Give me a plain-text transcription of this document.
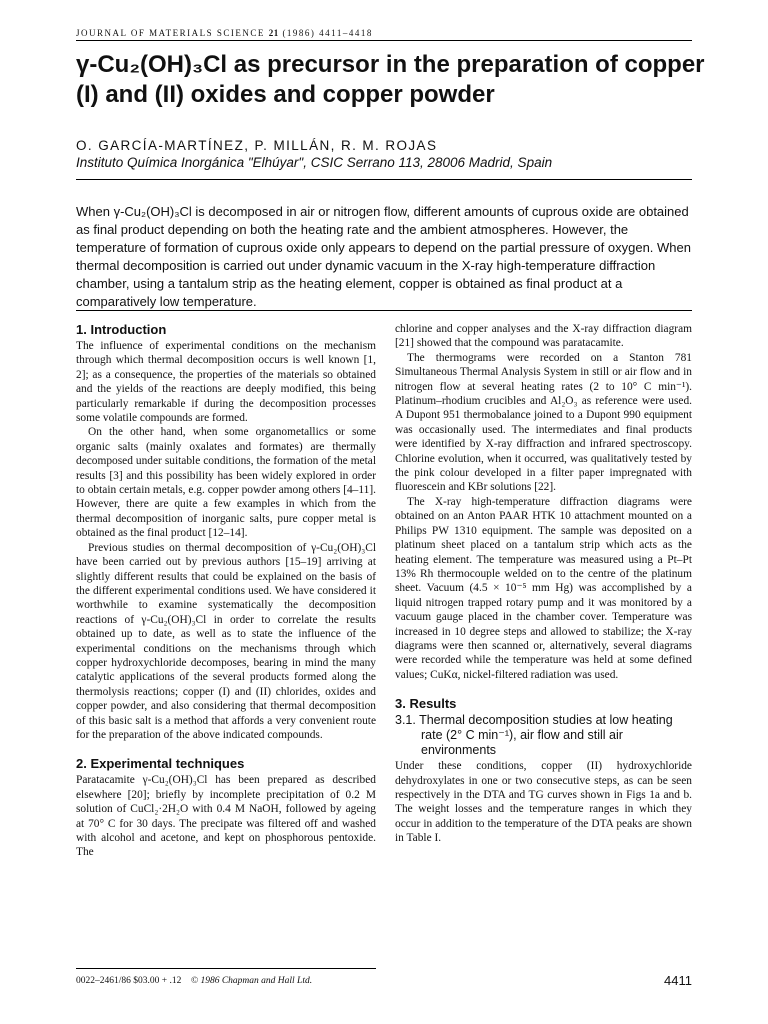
JOURNAL OF MATERIALS SCIENCE 21 (1986) 4411–4418
γ-Cu₂(OH)₃Cl as precursor in the preparation of copper (I) and (II) oxides and copper powder
O. GARCÍA-MARTÍNEZ, P. MILLÁN, R. M. ROJAS
Instituto Química Inorgánica "Elhúyar", CSIC Serrano 113, 28006 Madrid, Spain

When γ-Cu₂(OH)₃Cl is decomposed in air or nitrogen flow, different amounts of cuprous oxide are obtained as final product depending on both the heating rate and the ambient atmospheres. However, the temperature of formation of cuprous oxide only appears to depend on the partial pressure of oxygen. When thermal decomposition is carried out under dynamic vacuum in the X-ray high-temperature diffraction chamber, using a tantalum strip as the heating element, copper is obtained as final product at a comparatively low temperature.

1. Introduction

The influence of experimental conditions on the mechanism through which thermal decomposition occurs is well known [1, 2]; as a consequence, the properties of the materials so obtained and the yields of the reactions are deeply modified, this being particularly remarkable if during the decomposition processes some volatile compounds are formed.

On the other hand, when some organometallics or some organic salts (mainly oxalates and formates) are thermally decomposed under suitable conditions, the formation of the metal results [3] and this possibility has been widely explored in order to obtain certain metals, e.g. copper powder among others [4–11]. However, there are quite a few examples in which from the thermal decomposition of inorganic salts, pure copper metal is obtained as the final product [12–14].

Previous studies on thermal decomposition of γ-Cu₂(OH)₃Cl have been carried out by previous authors [15–19] arriving at slightly different results that could be explained on the basis of the different experimental conditions used. We have considered it worthwhile to examine systematically the decomposition reactions of γ-Cu₂(OH)₃Cl in order to correlate the results obtained up to date, as well as to state the influence of the experimental conditions on the mechanisms through which copper hydroxychloride decomposes, bearing in mind the many catalytic applications of the several products formed along the thermolysis reactions; copper (I) and (II) chlorides, oxides and copper powder, and also considering that thermal decomposition of this basic salt is a method that affords a very convenient route for the preparation of the above indicated compounds.

2. Experimental techniques

Paratacamite γ-Cu₂(OH)₃Cl has been prepared as described elsewhere [20]; briefly by incomplete precipitation of 0.2 M solution of CuCl₂·2H₂O with 0.4 M NaOH, followed by ageing at 70° C for 30 days. The precipate was filtered off and washed with alcohol and acetone, and kept on phosphorous pentoxide. The

chlorine and copper analyses and the X-ray diffraction diagram [21] showed that the compound was paratacamite.

The thermograms were recorded on a Stanton 781 Simultaneous Thermal Analysis System in still or air flow and in nitrogen flow at several heating rates (2 to 10° C min⁻¹). Platinum–rhodium crucibles and Al₂O₃ as reference were used. A Dupont 951 thermobalance joined to a Dupont 990 equipment was occasionally used. The intermediates and final products were identified by X-ray diffraction and infrared spectroscopy. Chlorine evolution, when it occurred, was qualitatively tested by the pink colour developed in a filter paper impregnated with fluorescein and KBr solutions [22].

The X-ray high-temperature diffraction diagrams were obtained on an Anton PAAR HTK 10 attachment mounted on a Philips PW 1310 equipment. The sample was deposited on a platinum sheet placed on a tantalum strip which acts as the heating element. The temperature was measured using a Pt–Pt 13% Rh thermocouple welded on to the centre of the platinum sheet. Vacuum (4.5 × 10⁻⁵ mm Hg) was accomplished by a liquid nitrogen trapped rotary pump and it was monitored by a vacuum gauge placed in the chamber cover. Temperature was increased in 10 degree steps and allowed to stabilize; the X-ray diagrams were then scanned or, alternatively, several diagrams were recorded while the temperature was held at some defined values; CuKα, nickel-filtered radiation was used.

3. Results
3.1. Thermal decomposition studies at low heating rate (2° C min⁻¹), air flow and still air environments

Under these conditions, copper (II) hydroxychloride dehydroxylates in one or two consecutive steps, as can be seen respectively in the DTA and TG curves shown in Figs 1a and b. The weight losses and the temperature ranges in which they occur in addition to the temperature of the DTA peaks are shown in Table I.

0022–2461/86 $03.00 + .12 © 1986 Chapman and Hall Ltd.	4411
